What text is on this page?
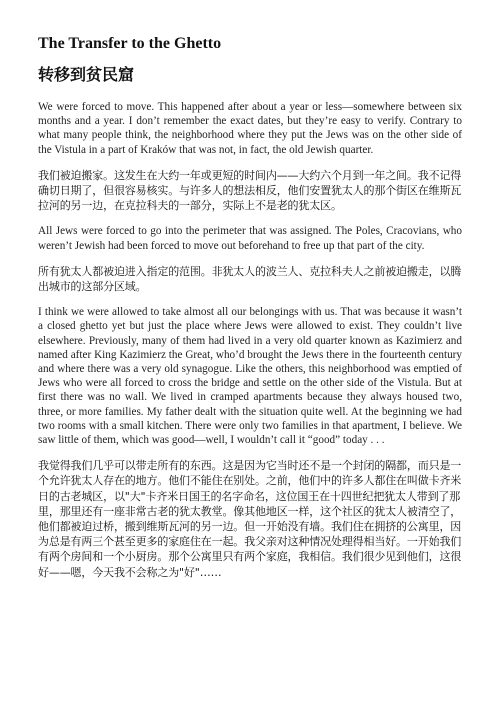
The Transfer to the Ghetto
转移到贫民窟

We were forced to move. This happened after about a year or less—somewhere between six months and a year. I don’t remember the exact dates, but they’re easy to verify. Contrary to what many people think, the neighborhood where they put the Jews was on the other side of the Vistula in a part of Kraków that was not, in fact, the old Jewish quarter.

我们被迫搬家。这发生在大约一年或更短的时间内——大约六个月到一年之间。我不记得确切日期了，但很容易核实。与许多人的想法相反，他们安置犹太人的那个街区在维斯瓦拉河的另一边，在克拉科夫的一部分，实际上不是老的犹太区。

All Jews were forced to go into the perimeter that was assigned. The Poles, Cracovians, who weren’t Jewish had been forced to move out beforehand to free up that part of the city.

所有犹太人都被迫进入指定的范围。非犹太人的波兰人、克拉科夫人之前被迫搬走，以腾出城市的这部分区域。

I think we were allowed to take almost all our belongings with us. That was because it wasn’t a closed ghetto yet but just the place where Jews were allowed to exist. They couldn’t live elsewhere. Previously, many of them had lived in a very old quarter known as Kazimierz and named after King Kazimierz the Great, who’d brought the Jews there in the fourteenth century and where there was a very old synagogue. Like the others, this neighborhood was emptied of Jews who were all forced to cross the bridge and settle on the other side of the Vistula. But at first there was no wall. We lived in cramped apartments because they always housed two, three, or more families. My father dealt with the situation quite well. At the beginning we had two rooms with a small kitchen. There were only two families in that apartment, I believe. We saw little of them, which was good—well, I wouldn’t call it “good” today . . .

我觉得我们几乎可以带走所有的东西。这是因为它当时还不是一个封闭的隔都，而只是一个允许犹太人存在的地方。他们不能住在别处。之前，他们中的许多人都住在叫做卡齐米日的古老城区，以"大"卡齐米日国王的名字命名，这位国王在十四世纪把犹太人带到了那里，那里还有一座非常古老的犹太教堂。像其他地区一样，这个社区的犹太人被清空了，他们都被迫过桥，搬到维斯瓦河的另一边。但一开始没有墙。我们住在拥挤的公寓里，因为总是有两三个甚至更多的家庭住在一起。我父亲对这种情况处理得相当好。一开始我们有两个房间和一个小厨房。那个公寓里只有两个家庭，我相信。我们很少见到他们，这很好——嗯，今天我不会称之为"好"……
